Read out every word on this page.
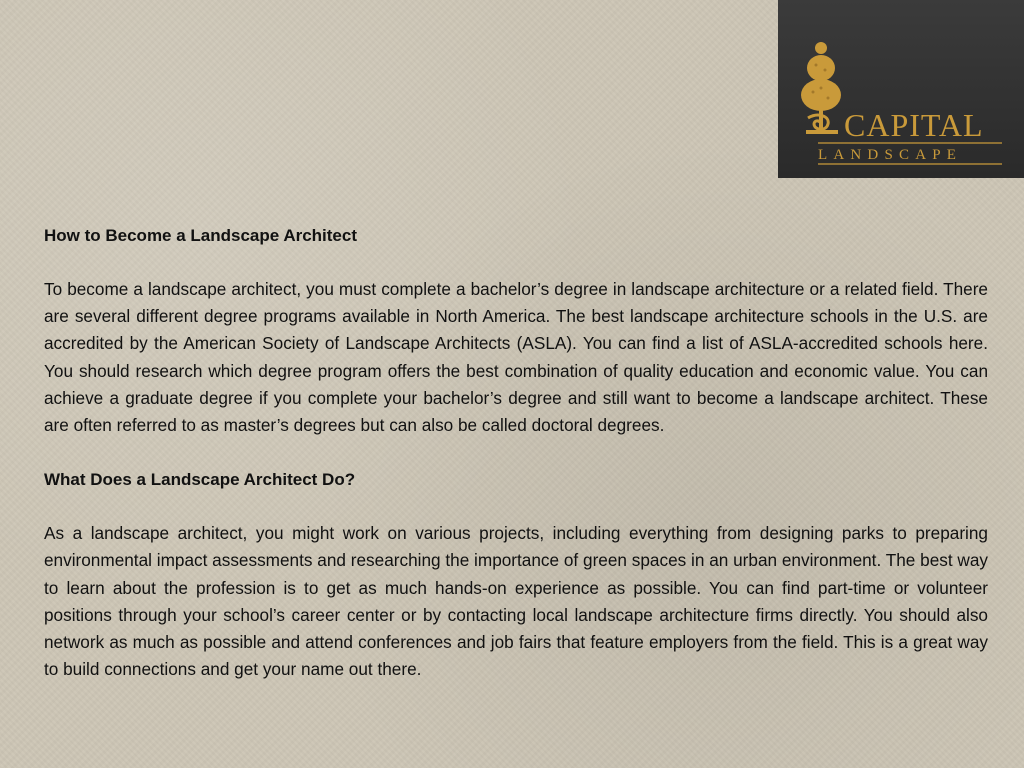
CAPITAL
LANDSCAPE
How to Become a Landscape Architect

To become a landscape architect, you must complete a bachelor’s degree in landscape architecture or a related field. There are several different degree programs available in North America. The best landscape architecture schools in the U.S. are accredited by the American Society of Landscape Architects (ASLA). You can find a list of ASLA-accredited schools here. You should research which degree program offers the best combination of quality education and economic value. You can achieve a graduate degree if you complete your bachelor’s degree and still want to become a landscape architect. These are often referred to as master’s degrees but can also be called doctoral degrees.

What Does a Landscape Architect Do?

As a landscape architect, you might work on various projects, including everything from designing parks to preparing environmental impact assessments and researching the importance of green spaces in an urban environment. The best way to learn about the profession is to get as much hands-on experience as possible. You can find part-time or volunteer positions through your school’s career center or by contacting local landscape architecture firms directly. You should also network as much as possible and attend conferences and job fairs that feature employers from the field. This is a great way to build connections and get your name out there.
